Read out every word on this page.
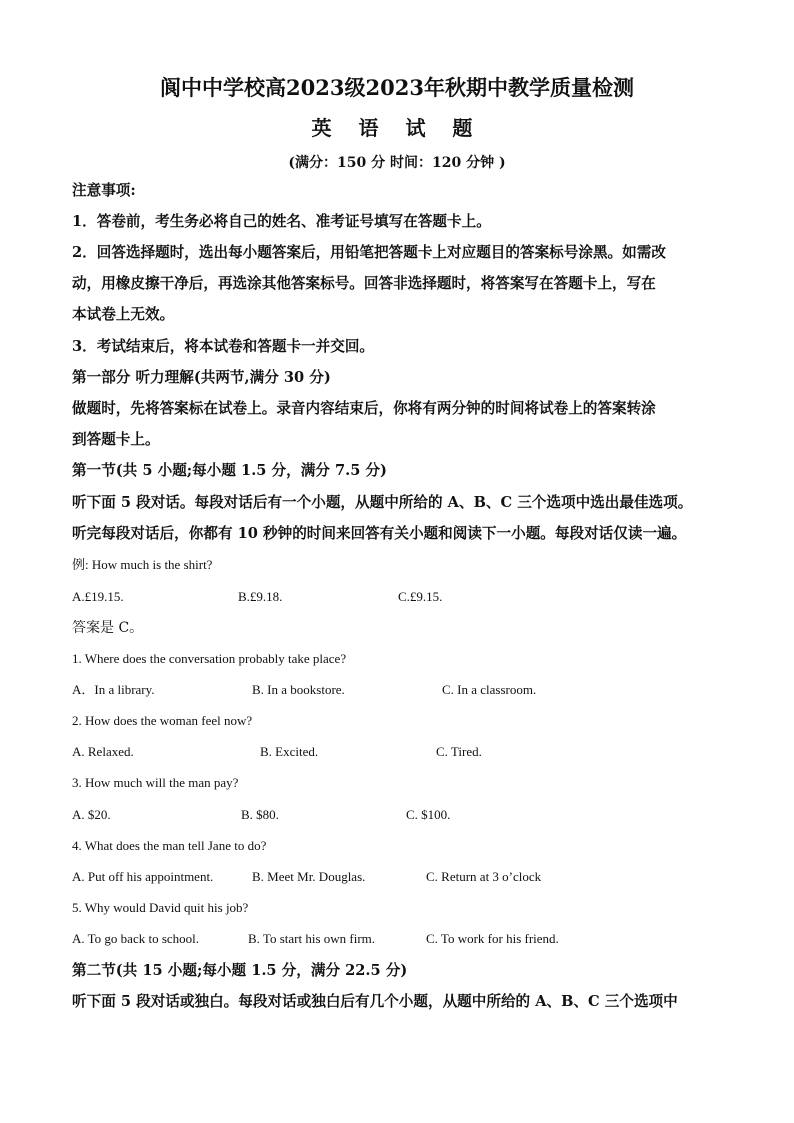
阆中中学校高2023级2023年秋期中教学质量检测
英 语 试 题
(满分：150 分 时间：120 分钟 )
注意事项:
1．答卷前，考生务必将自己的姓名、准考证号填写在答题卡上。
2．回答选择题时，选出每小题答案后，用铅笔把答题卡上对应题目的答案标号涂黑。如需改
动，用橡皮擦干净后，再选涂其他答案标号。回答非选择题时，将答案写在答题卡上，写在
本试卷上无效。
3．考试结束后，将本试卷和答题卡一并交回。
第一部分 听力理解(共两节,满分 30 分)
做题时，先将答案标在试卷上。录音内容结束后，你将有两分钟的时间将试卷上的答案转涂
到答题卡上。
第一节(共 5 小题;每小题 1.5 分，满分 7.5 分)
听下面 5 段对话。每段对话后有一个小题，从题中所给的 A、B、C 三个选项中选出最佳选项。
听完每段对话后，你都有 10 秒钟的时间来回答有关小题和阅读下一小题。每段对话仅读一遍。
例: How much is the shirt?
A.£19.15.	B.£9.18.	C.£9.15.
答案是 C。
1. Where does the conversation probably take place?
A．In a library.	B. In a bookstore.	C. In a classroom.
2. How does the woman feel now?
A. Relaxed.	B. Excited.	C. Tired.
3. How much will the man pay?
A. $20.	B. $80.	C. $100.
4. What does the man tell Jane to do?
A. Put off his appointment.	B. Meet Mr. Douglas.	C. Return at 3 o’clock
5. Why would David quit his job?
A. To go back to school.	B. To start his own firm.	C. To work for his friend.
第二节(共 15 小题;每小题 1.5 分，满分 22.5 分)
听下面 5 段对话或独白。每段对话或独白后有几个小题，从题中所给的 A、B、C 三个选项中
